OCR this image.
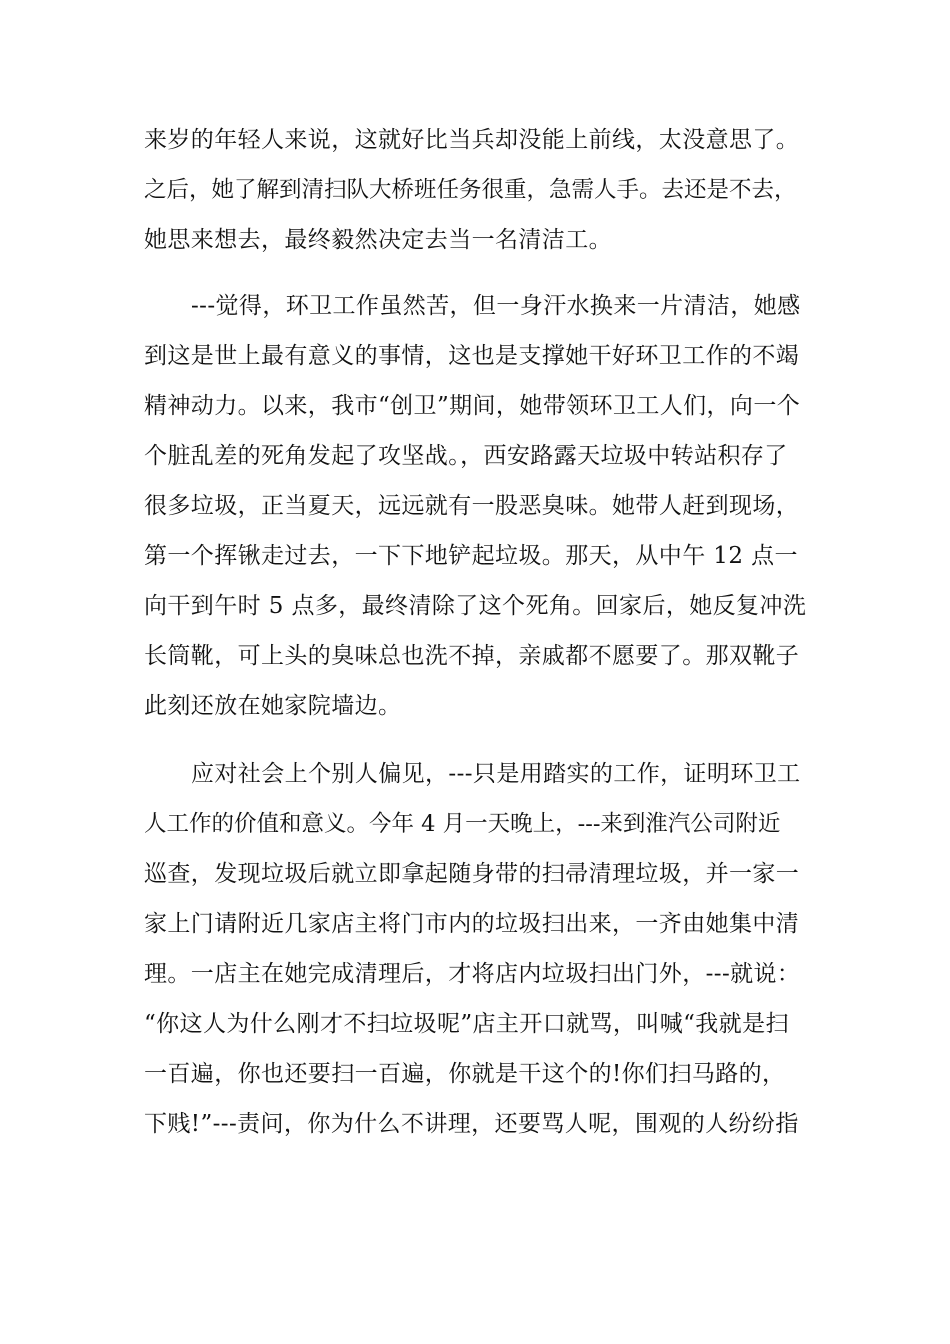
来岁的年轻人来说，这就好比当兵却没能上前线，太没意思了。
之后，她了解到清扫队大桥班任务很重，急需人手。去还是不去，
她思来想去，最终毅然决定去当一名清洁工。
---觉得，环卫工作虽然苦，但一身汗水换来一片清洁，她感
到这是世上最有意义的事情，这也是支撑她干好环卫工作的不竭
精神动力。以来，我市“创卫”期间，她带领环卫工人们，向一个
个脏乱差的死角发起了攻坚战。，西安路露天垃圾中转站积存了
很多垃圾，正当夏天，远远就有一股恶臭味。她带人赶到现场，
第一个挥锹走过去，一下下地铲起垃圾。那天，从中午 12 点一
向干到午时 5 点多，最终清除了这个死角。回家后，她反复冲洗
长筒靴，可上头的臭味总也洗不掉，亲戚都不愿要了。那双靴子
此刻还放在她家院墙边。
应对社会上个别人偏见，---只是用踏实的工作，证明环卫工
人工作的价值和意义。今年 4 月一天晚上，---来到淮汽公司附近
巡查，发现垃圾后就立即拿起随身带的扫帚清理垃圾，并一家一
家上门请附近几家店主将门市内的垃圾扫出来，一齐由她集中清
理。一店主在她完成清理后，才将店内垃圾扫出门外，---就说：
“你这人为什么刚才不扫垃圾呢”店主开口就骂，叫喊“我就是扫
一百遍，你也还要扫一百遍，你就是干这个的!你们扫马路的，
下贱!”---责问，你为什么不讲理，还要骂人呢，围观的人纷纷指
